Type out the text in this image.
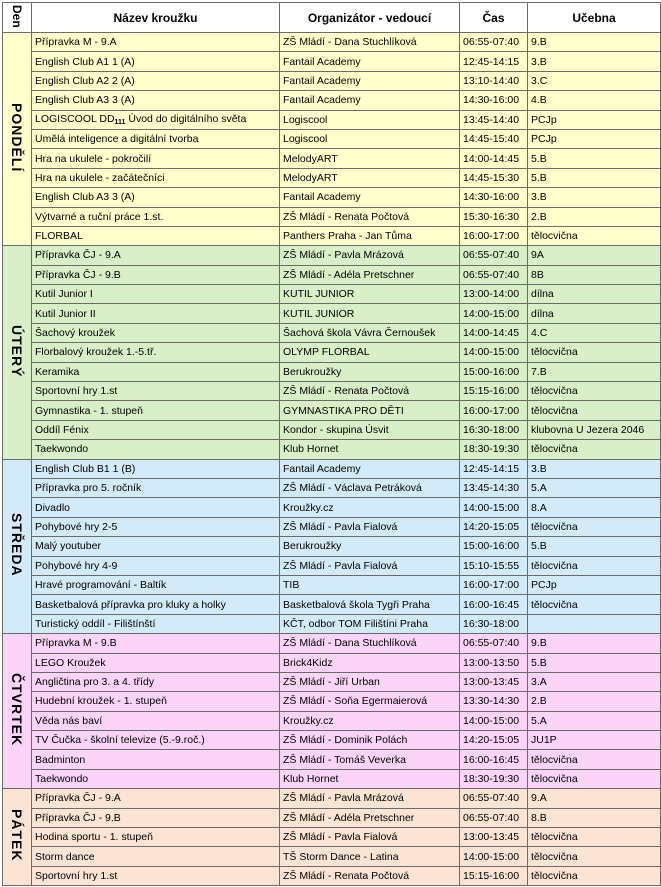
Den	Název kroužku	Organizátor - vedoucí	Čas	Učebna
PONDĚLÍ	Přípravka M - 9.A	ZŠ Mládí - Dana Stuchlíková	06:55-07:40	9.B
	English Club A1 1 (A)	Fantail Academy	12:45-14:15	3.B
	English Club A2 2 (A)	Fantail Academy	13:10-14:40	3.C
	English Club A3 3 (A)	Fantail Academy	14:30-16:00	4.B
	LOGISCOOL $DD_{111}$ Úvod do digitálního světa	Logiscool	13:45-14:40	PCJp
	Umělá inteligence a digitální tvorba	Logiscool	14:45-15:40	PCJp
	Hra na ukulele - pokročilí	MelodyART	14:00-14:45	5.B
	Hra na ukulele - začátečníci	MelodyART	14:45-15:30	5.B
	English Club A3 3 (A)	Fantail Academy	14:30-16:00	3.B
	Výtvarné a ruční práce 1.st.	ZŠ Mládí - Renata Počtová	15:30-16:30	2.B
	FLORBAL	Panthers Praha - Jan Tůma	16:00-17:00	tělocvična
ÚTERÝ	Přípravka ČJ - 9.A	ZŠ Mládí - Pavla Mrázová	06:55-07:40	9A
	Přípravka ČJ - 9.B	ZŠ Mládí - Adéla Pretschner	06:55-07:40	8B
	Kutil Junior I	KUTIL JUNIOR	13:00-14:00	dílna
	Kutil Junior II	KUTIL JUNIOR	14:00-15:00	dílna
	Šachový kroužek	Šachová škola Vávra Černoušek	14:00-14:45	4.C
	Florbalový kroužek 1.-5.tř.	OLYMP FLORBAL	14:00-15:00	tělocvična
	Keramika	Berukroužky	15:00-16:00	7.B
	Sportovní hry 1.st	ZŠ Mládí - Renata Počtová	15:15-16:00	tělocvična
	Gymnastika - 1. stupeň	GYMNASTIKA PRO DĚTI	16:00-17:00	tělocvična
	Oddíl Fénix	Kondor - skupina Úsvit	16:30-18:00	klubovna U Jezera 2046
	Taekwondo	Klub Hornet	18:30-19:30	tělocvična
STŘEDA	English Club B1 1 (B)	Fantail Academy	12:45-14:15	3.B
	Přípravka pro 5. ročník	ZŠ Mládí - Václava Petráková	13:45-14:30	5.A
	Divadlo	Kroužky.cz	14:00-15:00	8.A
	Pohybové hry 2-5	ZŠ Mládí - Pavla Fialová	14:20-15:05	tělocvična
	Malý youtuber	Berukroužky	15:00-16:00	5.B
	Pohybové hry 4-9	ZŠ Mládí - Pavla Fialová	15:10-15:55	tělocvična
	Hravé programování - Baltík	TIB	16:00-17:00	PCJp
	Basketbalová přípravka pro kluky a holky	Basketbalová škola Tygři Praha	16:00-16:45	tělocvična
	Turistický oddíl - Filištínští	KČT, odbor TOM Filištíni Praha	16:30-18:00	
ČTVRTEK	Přípravka M - 9.B	ZŠ Mládí - Dana Stuchlíková	06:55-07:40	9.B
	LEGO Kroužek	Brick4Kidz	13:00-13:50	5.B
	Angličtina pro 3. a 4. třídy	ZŠ Mládí - Jiří Urban	13:00-13:45	3.A
	Hudební kroužek - 1. stupeň	ZŠ Mládí - Soňa Egermaierová	13:30-14:30	2.B
	Věda nás baví	Kroužky.cz	14:00-15:00	5.A
	TV Čučka - školní televize (5.-9.roč.)	ZŠ Mládí - Dominik Polách	14:20-15:05	JU1P
	Badminton	ZŠ Mládí - Tomáš Veverka	16:00-16:45	tělocvična
	Taekwondo	Klub Hornet	18:30-19:30	tělocvična
PÁTEK	Přípravka ČJ - 9.A	ZŠ Mládí - Pavla Mrázová	06:55-07:40	9.A
	Přípravka ČJ - 9.B	ZŠ Mládí - Adéla Pretschner	06:55-07:40	8.B
	Hodina sportu - 1. stupeň	ZŠ Mládí - Pavla Fialová	13:00-13:45	tělocvična
	Storm dance	TŠ Storm Dance - Latina	14:00-15:00	tělocvična
	Sportovní hry 1.st	ZŠ Mládí - Renata Počtová	15:15-16:00	tělocvična
